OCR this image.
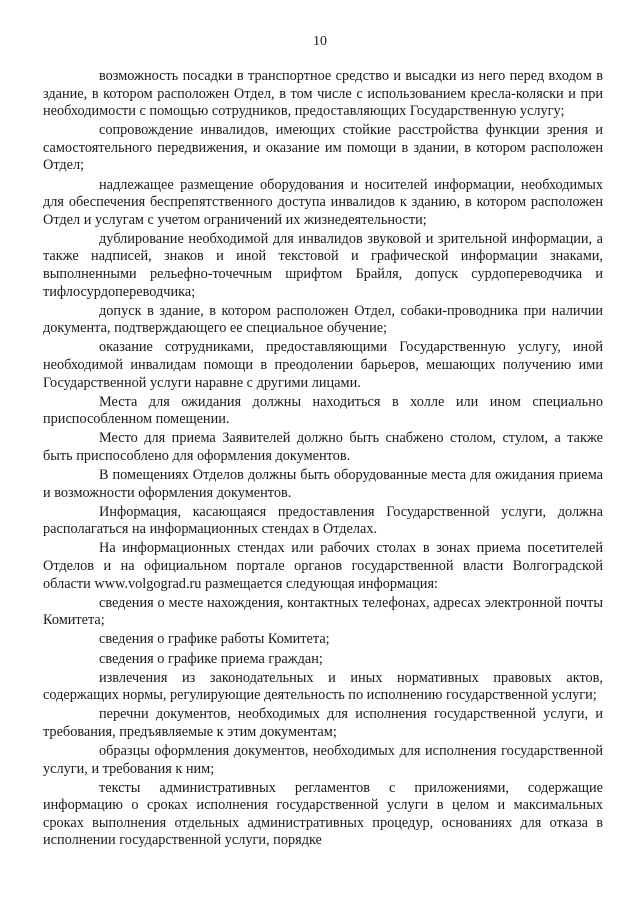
10

возможность посадки в транспортное средство и высадки из него перед входом в здание, в котором расположен Отдел, в том числе с использованием кресла-коляски и при необходимости с помощью сотрудников, предоставляющих Государственную услугу;

сопровождение инвалидов, имеющих стойкие расстройства функции зрения и самостоятельного передвижения, и оказание им помощи в здании, в котором расположен Отдел;

надлежащее размещение оборудования и носителей информации, необходимых для обеспечения беспрепятственного доступа инвалидов к зданию, в котором расположен Отдел и услугам с учетом ограничений их жизнедеятельности;

дублирование необходимой для инвалидов звуковой и зрительной информации, а также надписей, знаков и иной текстовой и графической информации знаками, выполненными рельефно-точечным шрифтом Брайля, допуск сурдопереводчика и тифлосурдопереводчика;

допуск в здание, в котором расположен Отдел, собаки-проводника при наличии документа, подтверждающего ее специальное обучение;

оказание сотрудниками, предоставляющими Государственную услугу, иной необходимой инвалидам помощи в преодолении барьеров, мешающих получению ими Государственной услуги наравне с другими лицами.

Места для ожидания должны находиться в холле или ином специально приспособленном помещении.

Место для приема Заявителей должно быть снабжено столом, стулом, а также быть приспособлено для оформления документов.

В помещениях Отделов должны быть оборудованные места для ожидания приема и возможности оформления документов.

Информация, касающаяся предоставления Государственной услуги, должна располагаться на информационных стендах в Отделах.

На информационных стендах или рабочих столах в зонах приема посетителей Отделов и на официальном портале органов государственной власти Волгоградской области www.volgograd.ru размещается следующая информация:

сведения о месте нахождения, контактных телефонах, адресах электронной почты Комитета;

сведения о графике работы Комитета;

сведения о графике приема граждан;

извлечения из законодательных и иных нормативных правовых актов, содержащих нормы, регулирующие деятельность по исполнению государственной услуги;

перечни документов, необходимых для исполнения государственной услуги, и требования, предъявляемые к этим документам;

образцы оформления документов, необходимых для исполнения государственной услуги, и требования к ним;

тексты административных регламентов с приложениями, содержащие информацию о сроках исполнения государственной услуги в целом и максимальных сроках выполнения отдельных административных процедур, основаниях для отказа в исполнении государственной услуги, порядке
